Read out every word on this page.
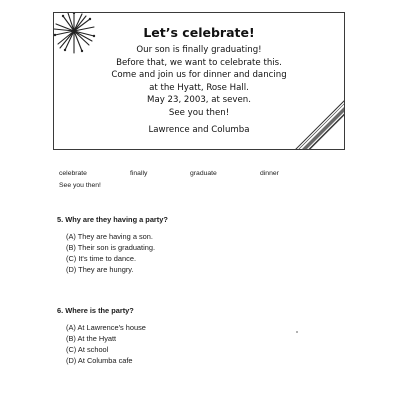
Let’s celebrate!
Our son is finally graduating!
Before that, we want to celebrate this.
Come and join us for dinner and dancing
at the Hyatt, Rose Hall.
May 23, 2003, at seven.
See you then!
Lawrence and Columba
celebrate	finally	graduate	dinner
See you then!
5. Why are they having a party?
(A) They are having a son.
(B) Their son is graduating.
(C) It's time to dance.
(D) They are hungry.
6. Where is the party?
(A) At Lawrence's house
(B) At the Hyatt
(C) At school
(D) At Columba cafe
